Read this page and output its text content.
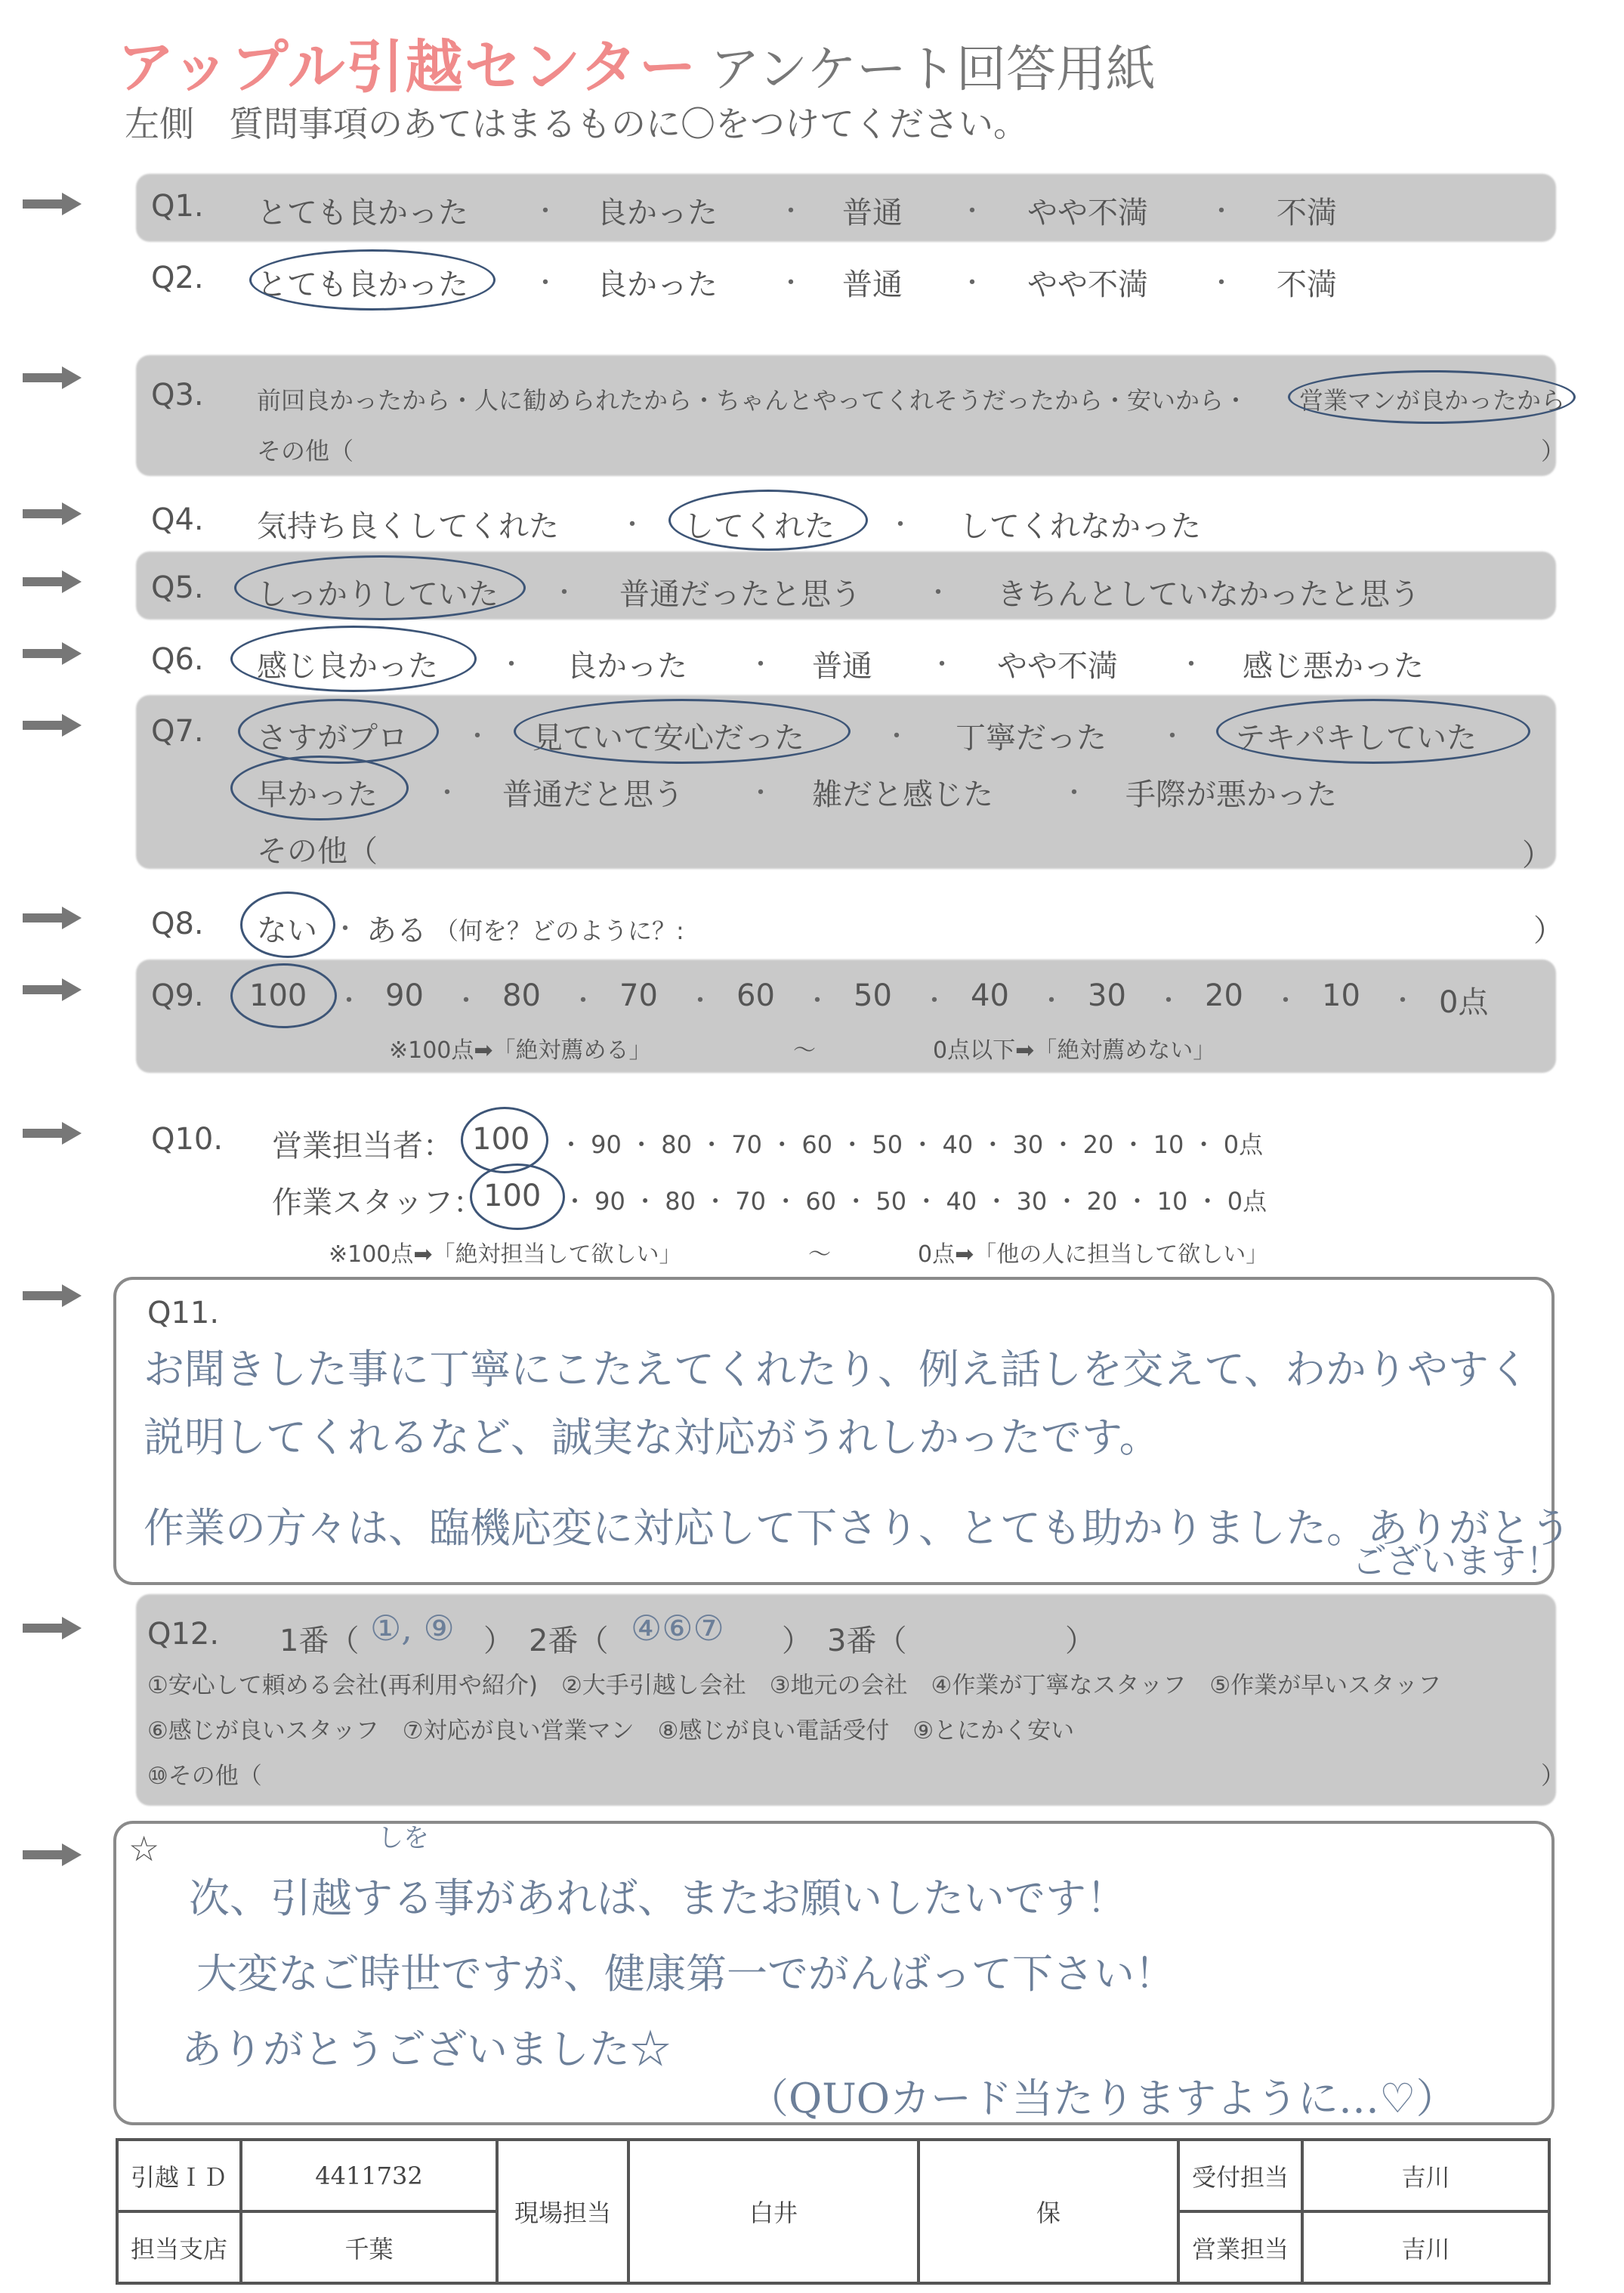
アップル引越センター アンケート回答用紙
左側　質問事項のあてはまるものに〇をつけてください。
Q1. とても良かった	・ 良かった ・ 普通 ・ やや不満 ・ 不満
Q2. とても良かった	・ 良かった ・ 普通 ・ やや不満 ・ 不満
Q3. 前回良かったから・人に勧められたから・ちゃんとやってくれそうだったから・安いから・ 営業マンが良かったから
その他（	）
Q4. 気持ち良くしてくれた ・ してくれた ・ してくれなかった
Q5. しっかりしていた ・ 普通だったと思う	・ きちんとしていなかったと思う
Q6. 感じ良かった ・ 良かった ・ 普通 ・ やや不満 ・ 感じ悪かった
Q7. さすがプロ ・ 見ていて安心だった	・ 丁寧だった ・ テキパキしていた
早かった ・ 普通だと思う	・ 雑だと感じた	・ 手際が悪かった
その他（	）
Q8. ない ・ ある （何を？どのように？:	）
Q9. 100 ・ 90 ・ 80 ・ 70 ・ 60 ・ 50 ・ 40 ・ 30 ・ 20 ・ 10 ・ 0点
※100点➡「絶対薦める」	～	0点以下➡「絶対薦めない」
Q10. 営業担当者： 100 ・ 90 ・ 80 ・ 70 ・ 60 ・ 50 ・ 40 ・ 30 ・ 20 ・ 10 ・ 0点
作業スタッフ： 100 ・ 90 ・ 80 ・ 70 ・ 60 ・ 50 ・ 40 ・ 30 ・ 20 ・ 10 ・ 0点
※100点➡「絶対担当して欲しい」	～	0点➡「他の人に担当して欲しい」
Q11.
お聞きした事に丁寧にこたえてくれたり、例え話しを交えて、わかりやすく
説明してくれるなど、誠実な対応がうれしかったです。
作業の方々は、臨機応変に対応して下さり、とても助かりました。ありがとう
ございます！
Q12. 1番（ ①, ⑨ ）　2番（ ④⑥⑦ ）　3番（	）
①安心して頼める会社(再利用や紹介)　②大手引越し会社　③地元の会社　④作業が丁寧なスタッフ　⑤作業が早いスタッフ
⑥感じが良いスタッフ　⑦対応が良い営業マン　⑧感じが良い電話受付　⑨とにかく安い
⑩その他（	）
☆	しを
次、引越する事があれば、またお願いしたいです！
大変なご時世ですが、健康第一でがんばって下さい！
ありがとうございました☆
（QUOカード当たりますように…♡）
引越ＩＤ	4411732	現場担当	白井	保	受付担当	吉川
担当支店	千葉				営業担当	吉川
